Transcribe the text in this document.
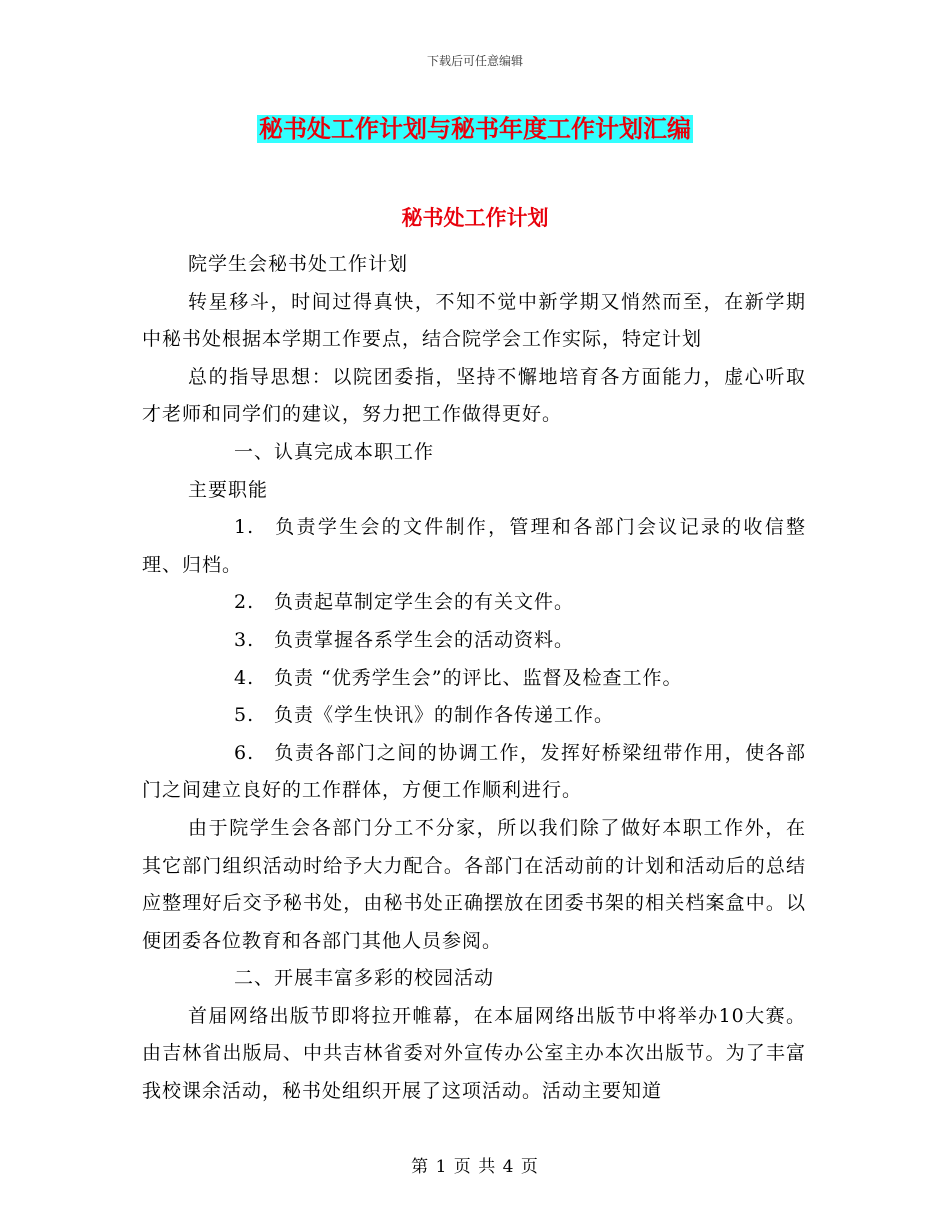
下载后可任意编辑
秘书处工作计划与秘书年度工作计划汇编
秘书处工作计划

院学生会秘书处工作计划

转星移斗，时间过得真快，不知不觉中新学期又悄然而至，在新学期中秘书处根据本学期工作要点，结合院学会工作实际，特定计划

总的指导思想：以院团委指，坚持不懈地培育各方面能力，虚心听取才老师和同学们的建议，努力把工作做得更好。

一、认真完成本职工作

主要职能

1. 负责学生会的文件制作，管理和各部门会议记录的收信整理、归档。

2. 负责起草制定学生会的有关文件。

3. 负责掌握各系学生会的活动资料。

4. 负责 “优秀学生会”的评比、监督及检查工作。

5. 负责《学生快讯》的制作各传递工作。

6. 负责各部门之间的协调工作，发挥好桥梁纽带作用，使各部门之间建立良好的工作群体，方便工作顺利进行。

由于院学生会各部门分工不分家，所以我们除了做好本职工作外，在其它部门组织活动时给予大力配合。各部门在活动前的计划和活动后的总结应整理好后交予秘书处，由秘书处正确摆放在团委书架的相关档案盒中。以便团委各位教育和各部门其他人员参阅。

二、开展丰富多彩的校园活动

首届网络出版节即将拉开帷幕，在本届网络出版节中将举办10大赛。由吉林省出版局、中共吉林省委对外宣传办公室主办本次出版节。为了丰富我校课余活动，秘书处组织开展了这项活动。活动主要知道

第 1 页 共 4 页
